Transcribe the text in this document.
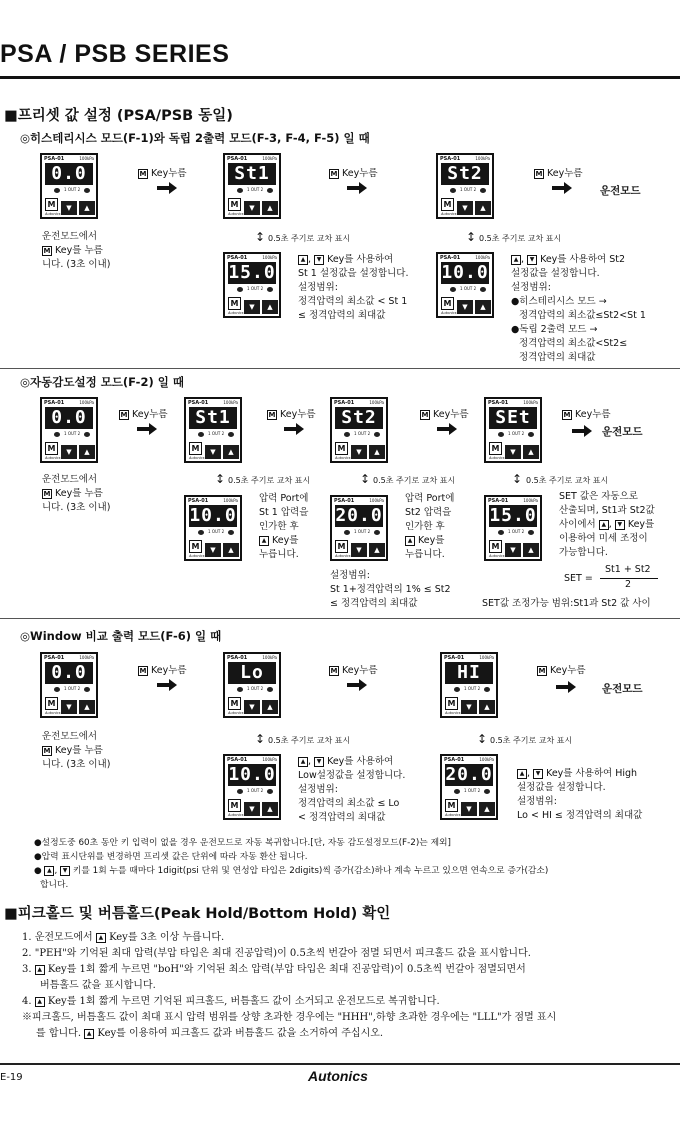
PSA / PSB SERIES
■프리셋 값 설정 (PSA/PSB 동일)
◎히스테리시스 모드(F-1)와 독립 2출력 모드(F-3, F-4, F-5) 일 때
PSA-01	100kPa
0.0
1 OUT 2
M	▼	▲
Autonics
M Key누름
운전모드에서
M Key를 누름
니다. (3초 이내)
PSA-01	100kPa
St1
1 OUT 2
M	▼	▲
Autonics
M Key누름
PSA-01	100kPa
St2
1 OUT 2
M	▼	▲
Autonics
M Key누름
운전모드
↕ 0.5초 주기로 교차 표시	↕ 0.5초 주기로 교차 표시
PSA-01	100kPa
15.0
1 OUT 2
M	▼	▲
Autonics
▲ , ▼ Key를 사용하여
St 1 설정값을 설정합니다.
설정범위:
정격압력의 최소값 < St 1
≤ 정격압력의 최대값
PSA-01	100kPa
10.0
1 OUT 2
M	▼	▲
Autonics
▲ , ▼ Key를 사용하여 St2
설정값을 설정합니다.
설정범위:
●히스테리시스 모드 →
정격압력의 최소값≤St2<St 1
●독립 2출력 모드 →
정격압력의 최소값<St2≤
정격압력의 최대값
◎자동감도설정 모드(F-2) 일 때
PSA-01	100kPa
0.0
1 OUT 2
M	▼	▲
Autonics
M Key누름
운전모드에서
M Key를 누름
니다. (3초 이내)
PSA-01	100kPa
St1
1 OUT 2
M	▼	▲
Autonics
M Key누름
PSA-01	100kPa
St2
1 OUT 2
M	▼	▲
Autonics
M Key누름
PSA-01	100kPa
SEt
1 OUT 2
M	▼	▲
Autonics
M Key누름
운전모드
↕ 0.5초 주기로 교차 표시	↕ 0.5초 주기로 교차 표시	↕ 0.5초 주기로 교차 표시
PSA-01	100kPa
10.0
1 OUT 2
M	▼	▲
Autonics
압력 Port에
St 1 압력을
인가한 후
▲ Key를
누릅니다.
PSA-01	100kPa
20.0
1 OUT 2
M	▼	▲
Autonics
압력 Port에
St2 압력을
인가한 후
▲ Key를
누릅니다.
설정범위:
St 1+정격압력의 1% ≤ St2
≤ 정격압력의 최대값
PSA-01	100kPa
15.0
1 OUT 2
M	▼	▲
Autonics
SET 값은 자동으로
산출되며, St1과 St2값
사이에서 ▲ , ▼ Key를
이용하여 미세 조정이
가능합니다.
SET =
St1 + St2
2
SET값 조정가능 범위:St1과 St2 값 사이
◎Window 비교 출력 모드(F-6) 일 때
PSA-01	100kPa
0.0
1 OUT 2
M	▼	▲
Autonics
M Key누름
운전모드에서
M Key를 누름
니다. (3초 이내)
PSA-01	100kPa
Lo
1 OUT 2
M	▼	▲
Autonics
M Key누름
PSA-01	100kPa
HI
1 OUT 2
M	▼	▲
Autonics
M Key누름
운전모드
↕ 0.5초 주기로 교차 표시	↕ 0.5초 주기로 교차 표시
PSA-01	100kPa
10.0
1 OUT 2
M	▼	▲
Autonics
▲ , ▼ Key를 사용하여
Low설정값을 설정합니다.
설정범위:
정격압력의 최소값 ≤ Lo
< 정격압력의 최대값
PSA-01	100kPa
20.0
1 OUT 2
M	▼	▲
Autonics
▲ , ▼ Key를 사용하여 High
설정값을 설정합니다.
설정범위:
Lo < HI ≤ 정격압력의 최대값
●설정도중 60초 동안 키 입력이 없을 경우 운전모드로 자동 복귀합니다.[단, 자동 감도설정모드(F-2)는 제외]
●압력 표시단위를 변경하면 프리셋 값은 단위에 따라 자동 환산 됩니다.
● ▲ , ▼ 키를 1회 누를 때마다 1digit(psi 단위 및 연성압 타입은 2digits)씩 증가(감소)하나 계속 누르고 있으면 연속으로 증가(감소)
합니다.
■피크홀드 및 버틈홀드(Peak Hold/Bottom Hold) 확인
1. 운전모드에서 ▲ Key를 3초 이상 누릅니다.
2. "PEH"와 기억된 최대 압력(부압 타입은 최대 진공압력)이 0.5초씩 번갈아 점멸 되면서 피크홀드 값을 표시합니다.
3. ▲ Key를 1회 짧게 누르면 "boH"와 기억된 최소 압력(부압 타입은 최대 진공압력)이 0.5초씩 번갈아 점멸되면서
버틈홀드 값을 표시합니다.
4. ▲ Key를 1회 짧게 누르면 기억된 피크홀드, 버틈홀드 값이 소거되고 운전모드로 복귀합니다.
※피크홀드, 버틈홀드 값이 최대 표시 압력 범위를 상향 초과한 경우에는 "HHH",하향 초과한 경우에는 "LLL"가 점멸 표시
를 합니다. ▲ Key를 이용하여 피크홀드 값과 버틈홀드 값을 소거하여 주십시오.
E-19	Autonics
